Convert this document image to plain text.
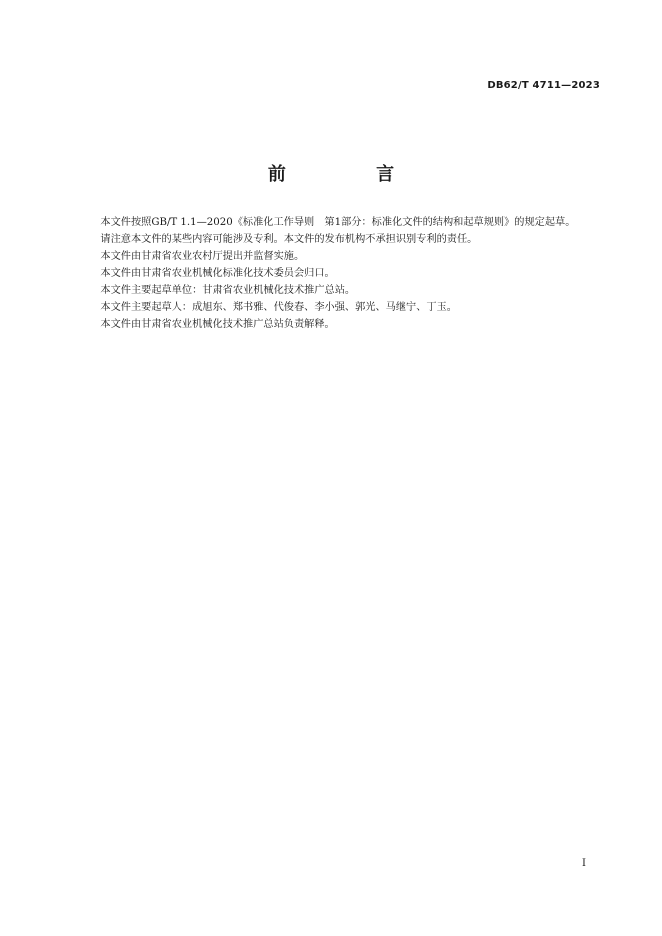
DB62/T 4711—2023
前 言

本文件按照GB/T 1.1—2020《标准化工作导则　第1部分：标准化文件的结构和起草规则》的规定起草。

请注意本文件的某些内容可能涉及专利。本文件的发布机构不承担识别专利的责任。

本文件由甘肃省农业农村厅提出并监督实施。

本文件由甘肃省农业机械化标准化技术委员会归口。

本文件主要起草单位：甘肃省农业机械化技术推广总站。

本文件主要起草人：成旭东、郑书雅、代俊春、李小强、郭光、马继宁、丁玉。

本文件由甘肃省农业机械化技术推广总站负责解释。

I
